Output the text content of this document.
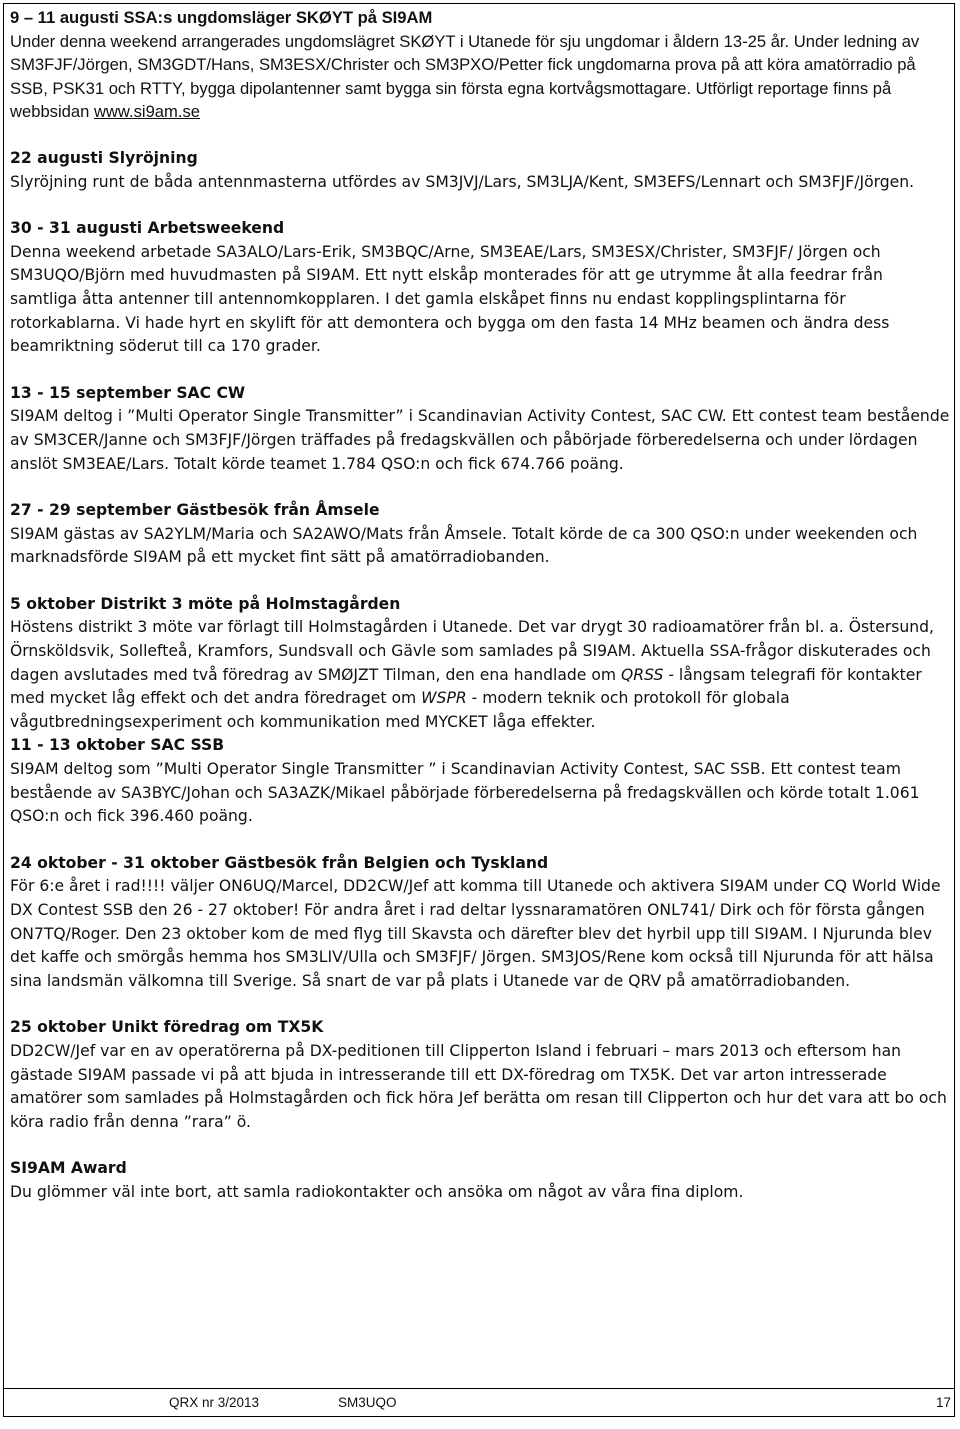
9 – 11 augusti SSA:s ungdomsläger SKØYT på SI9AM

Under denna weekend arrangerades ungdomslägret SKØYT i Utanede för sju ungdomar i åldern 13-25 år. Under ledning av SM3FJF/Jörgen, SM3GDT/Hans, SM3ESX/Christer och SM3PXO/Petter fick ungdomarna prova på att köra amatörradio på SSB, PSK31 och RTTY, bygga dipolantenner samt bygga sin första egna kortvågsmottagare. Utförligt reportage finns på webbsidan www.si9am.se

22 augusti Slyröjning

Slyröjning runt de båda antennmasterna utfördes av SM3JVJ/Lars, SM3LJA/Kent, SM3EFS/Lennart och SM3FJF/Jörgen.

30 - 31 augusti Arbetsweekend

Denna weekend arbetade SA3ALO/Lars-Erik, SM3BQC/Arne, SM3EAE/Lars, SM3ESX/Christer, SM3FJF/ Jörgen och SM3UQO/Björn med huvudmasten på SI9AM. Ett nytt elskåp monterades för att ge utrymme åt alla feedrar från samtliga åtta antenner till antennomkopplaren. I det gamla elskåpet finns nu endast kopplingsplintarna för rotorkablarna. Vi hade hyrt en skylift för att demontera och bygga om den fasta 14 MHz beamen och ändra dess beamriktning söderut till ca 170 grader.

13 - 15 september SAC CW

SI9AM deltog i ”Multi Operator Single Transmitter” i Scandinavian Activity Contest, SAC CW. Ett contest team bestående av SM3CER/Janne och SM3FJF/Jörgen träffades på fredagskvällen och påbörjade förberedelserna och under lördagen anslöt SM3EAE/Lars. Totalt körde teamet 1.784 QSO:n och fick 674.766 poäng.

27 - 29 september Gästbesök från Åmsele

SI9AM gästas av SA2YLM/Maria och SA2AWO/Mats från Åmsele. Totalt körde de ca 300 QSO:n under weekenden och marknadsförde SI9AM på ett mycket fint sätt på amatörradiobanden.

5 oktober Distrikt 3 möte på Holmstagården

Höstens distrikt 3 möte var förlagt till Holmstagården i Utanede. Det var drygt 30 radioamatörer från bl. a. Östersund, Örnsköldsvik, Sollefteå, Kramfors, Sundsvall och Gävle som samlades på SI9AM. Aktuella SSA-frågor diskuterades och dagen avslutades med två föredrag av SMØJZT Tilman, den ena handlade om QRSS - långsam telegrafi för kontakter med mycket låg effekt och det andra föredraget om WSPR - modern teknik och protokoll för globala vågutbredningsexperiment och kommunikation med MYCKET låga effekter.

11 - 13 oktober SAC SSB

SI9AM deltog som ”Multi Operator Single Transmitter ” i Scandinavian Activity Contest, SAC SSB. Ett contest team bestående av SA3BYC/Johan och SA3AZK/Mikael påbörjade förberedelserna på fredagskvällen och körde totalt 1.061 QSO:n och fick 396.460 poäng.

24 oktober - 31 oktober Gästbesök från Belgien och Tyskland

För 6:e året i rad!!!! väljer ON6UQ/Marcel, DD2CW/Jef att komma till Utanede och aktivera SI9AM under CQ World Wide DX Contest SSB den 26 - 27 oktober! För andra året i rad deltar lyssnaramatören ONL741/ Dirk och för första gången ON7TQ/Roger. Den 23 oktober kom de med flyg till Skavsta och därefter blev det hyrbil upp till SI9AM. I Njurunda blev det kaffe och smörgås hemma hos SM3LIV/Ulla och SM3FJF/ Jörgen. SM3JOS/Rene kom också till Njurunda för att hälsa sina landsmän välkomna till Sverige. Så snart de var på plats i Utanede var de QRV på amatörradiobanden.

25 oktober Unikt föredrag om TX5K

DD2CW/Jef var en av operatörerna på DX-peditionen till Clipperton Island i februari – mars 2013 och eftersom han gästade SI9AM passade vi på att bjuda in intresserande till ett DX-föredrag om TX5K. Det var arton intresserade amatörer som samlades på Holmstagården och fick höra Jef berätta om resan till Clipperton och hur det vara att bo och köra radio från denna ”rara” ö.

SI9AM Award

Du glömmer väl inte bort, att samla radiokontakter och ansöka om något av våra fina diplom.

QRX nr 3/2013	SM3UQO	17
